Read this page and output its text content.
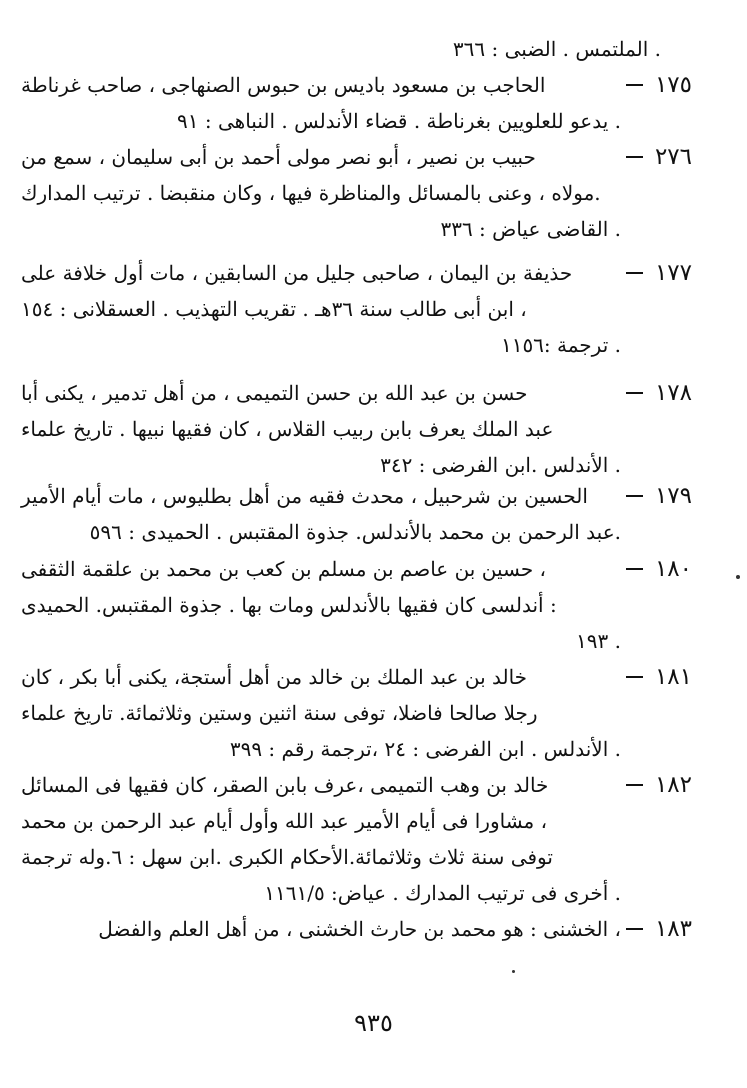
الملتمس . الضبى : ٣٦٦ .
١٧٥
الحاجب بن مسعود باديس بن حبوس الصنهاجى ، صاحب غرناطة
يدعو للعلويين بغرناطة . قضاء الأندلس . النباهى : ٩١ .
٢٧٦
حبيب بن نصير ، أبو نصر مولى أحمد بن أبى سليمان ، سمع من
مولاه ، وعنى بالمسائل والمناظرة فيها ، وكان منقبضا . ترتيب المدارك.
القاضى عياض : ٣٣٦ .
١٧٧
حذيفة بن اليمان ، صاحبى جليل من السابقين ، مات أول خلافة على
ابن أبى طالب سنة ٣٦هـ . تقريب التهذيب . العسقلانى : ١٥٤ ،
ترجمة :١١٥٦ .
١٧٨
حسن بن عبد الله بن حسن التميمى ، من أهل تدمير ، يكنى أبا
عبد الملك يعرف بابن ربيب القلاس ، كان فقيها نبيها . تاريخ علماء
الأندلس .ابن الفرضى : ٣٤٢ .
١٧٩
الحسين بن شرحبيل ، محدث فقيه من أهل بطليوس ، مات أيام الأمير
عبد الرحمن بن محمد بالأندلس. جذوة المقتبس . الحميدى : ٥٩٦.
١٨٠
حسين بن عاصم بن مسلم بن كعب بن محمد بن علقمة الثقفى ،
أندلسى كان فقيها بالأندلس ومات بها . جذوة المقتبس. الحميدى :
١٩٣ .
١٨١
خالد بن عبد الملك بن خالد من أهل أستجة، يكنى أبا بكر ، كان
رجلا صالحا فاضلا، توفى سنة اثنين وستين وثلاثمائة. تاريخ علماء
الأندلس . ابن الفرضى : ٢٤ ،ترجمة رقم : ٣٩٩ .
١٨٢
خالد بن وهب التميمى ،عرف بابن الصقر، كان فقيها فى المسائل
مشاورا فى أيام الأمير عبد الله وأول أيام عبد الرحمن بن محمد ،
توفى سنة ثلاث وثلاثمائة.الأحكام الكبرى .ابن سهل : ٦.وله ترجمة
أخرى فى ترتيب المدارك . عياض: ١١٦١/٥ .
١٨٣
الخشنى : هو محمد بن حارث الخشنى ، من أهل العلم والفضل ،
٩٣٥
